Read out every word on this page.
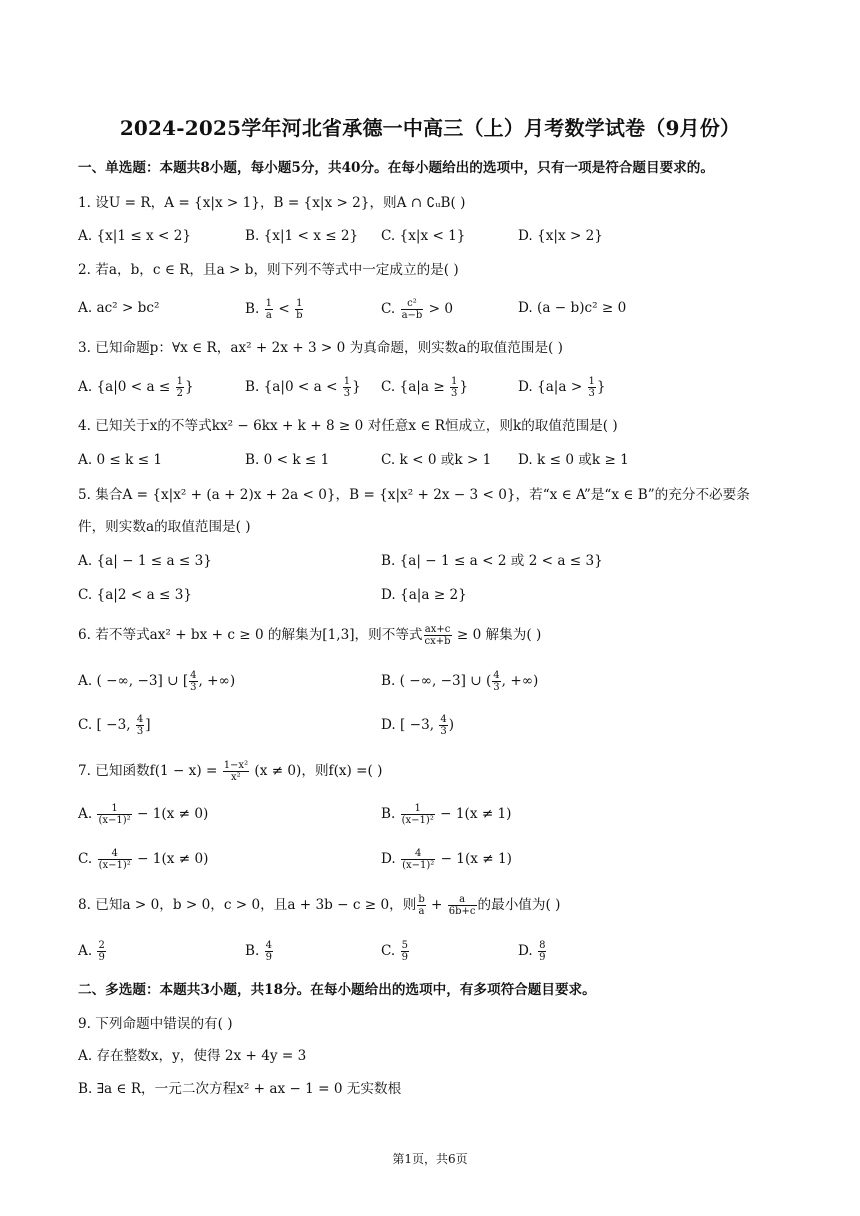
2024-2025学年河北省承德一中高三（上）月考数学试卷（9月份）
一、单选题：本题共8小题，每小题5分，共40分。在每小题给出的选项中，只有一项是符合题目要求的。
1. 设U = R，A = {x|x > 1}，B = {x|x > 2}，则A ∩ ∁ᵤB( )
A. {x|1 ≤ x < 2}	B. {x|1 < x ≤ 2} C. {x|x < 1}	D. {x|x > 2}
2. 若a，b，c ∈ R，且a > b，则下列不等式中一定成立的是( )
A. ac² > bc²	B. $\frac{1}{a} < \frac{1}{b}$	C. $\frac{\text{c²}}{a-b} > 0$	D. (a − b)c² ≥ 0
3. 已知命题p：∀x ∈ R，ax² + 2x + 3 > 0 为真命题，则实数a的取值范围是( )
A. {$a|0 < a \le \frac{1}{2}$ }	B. {$a|0 < a < \frac{1}{3}$ } C. {$a|a \ge \frac{1}{3}$ }	D. {$a|a > \frac{1}{3}$ }
4. 已知关于x的不等式kx² − 6kx + k + 8 ≥ 0 对任意x ∈ R恒成立，则k的取值范围是( )
A. 0 ≤ k ≤ 1	B. 0 < k ≤ 1	C. k < 0 或k > 1 D. k ≤ 0 或k ≥ 1
5. 集合A = {x|x² + (a + 2)x + 2a < 0}，B = {x|x² + 2x − 3 < 0}，若“x ∈ A”是“x ∈ B”的充分不必要条
件，则实数a的取值范围是( )
A. {a| − 1 ≤ a ≤ 3}	B. {a| − 1 ≤ a < 2 或 2 < a ≤ 3}
C. {a|2 < a ≤ 3}	D. {a|a ≥ 2}
6. 若不等式ax² + bx + c ≥ 0 的解集为[1,3]，则不等式 $\frac{ax+c}{cx+b} \ge 0$ 解集为( )
A. ( −∞, −3] ∪ [ $\frac{4}{3}$ , +∞)	B. ( −∞, −3] ∪ ( $\frac{4}{3}$ , +∞)
C. [ −3, $\frac{4}{3}$ ]	D. [ −3, $\frac{4}{3}$ )
7. 已知函数$f(1 - x) = \frac{\text{1−x²}}{\text{x²}} (x \ne 0)$，则f(x) =( )
A. $\frac{1}{\text{(x−1)²}} - 1(x \ne 0)$	B. $\frac{1}{\text{(x−1)²}} - 1(x \ne 1)$
C. $\frac{4}{\text{(x−1)²}} - 1(x \ne 0)$	D. $\frac{4}{\text{(x−1)²}} - 1(x \ne 1)$
8. 已知a > 0，b > 0，c > 0，且a + 3b − c ≥ 0，则 $\frac{b}{a} + \frac{a}{6b+c}$ 的最小值为( )
A. $\frac{2}{9}$	B. $\frac{4}{9}$	C. $\frac{5}{9}$	D. $\frac{8}{9}$
二、多选题：本题共3小题，共18分。在每小题给出的选项中，有多项符合题目要求。
9. 下列命题中错误的有( )
A. 存在整数x，y，使得 2x + 4y = 3
B. ∃a ∈ R，一元二次方程x² + ax − 1 = 0 无实数根
第1页，共6页
